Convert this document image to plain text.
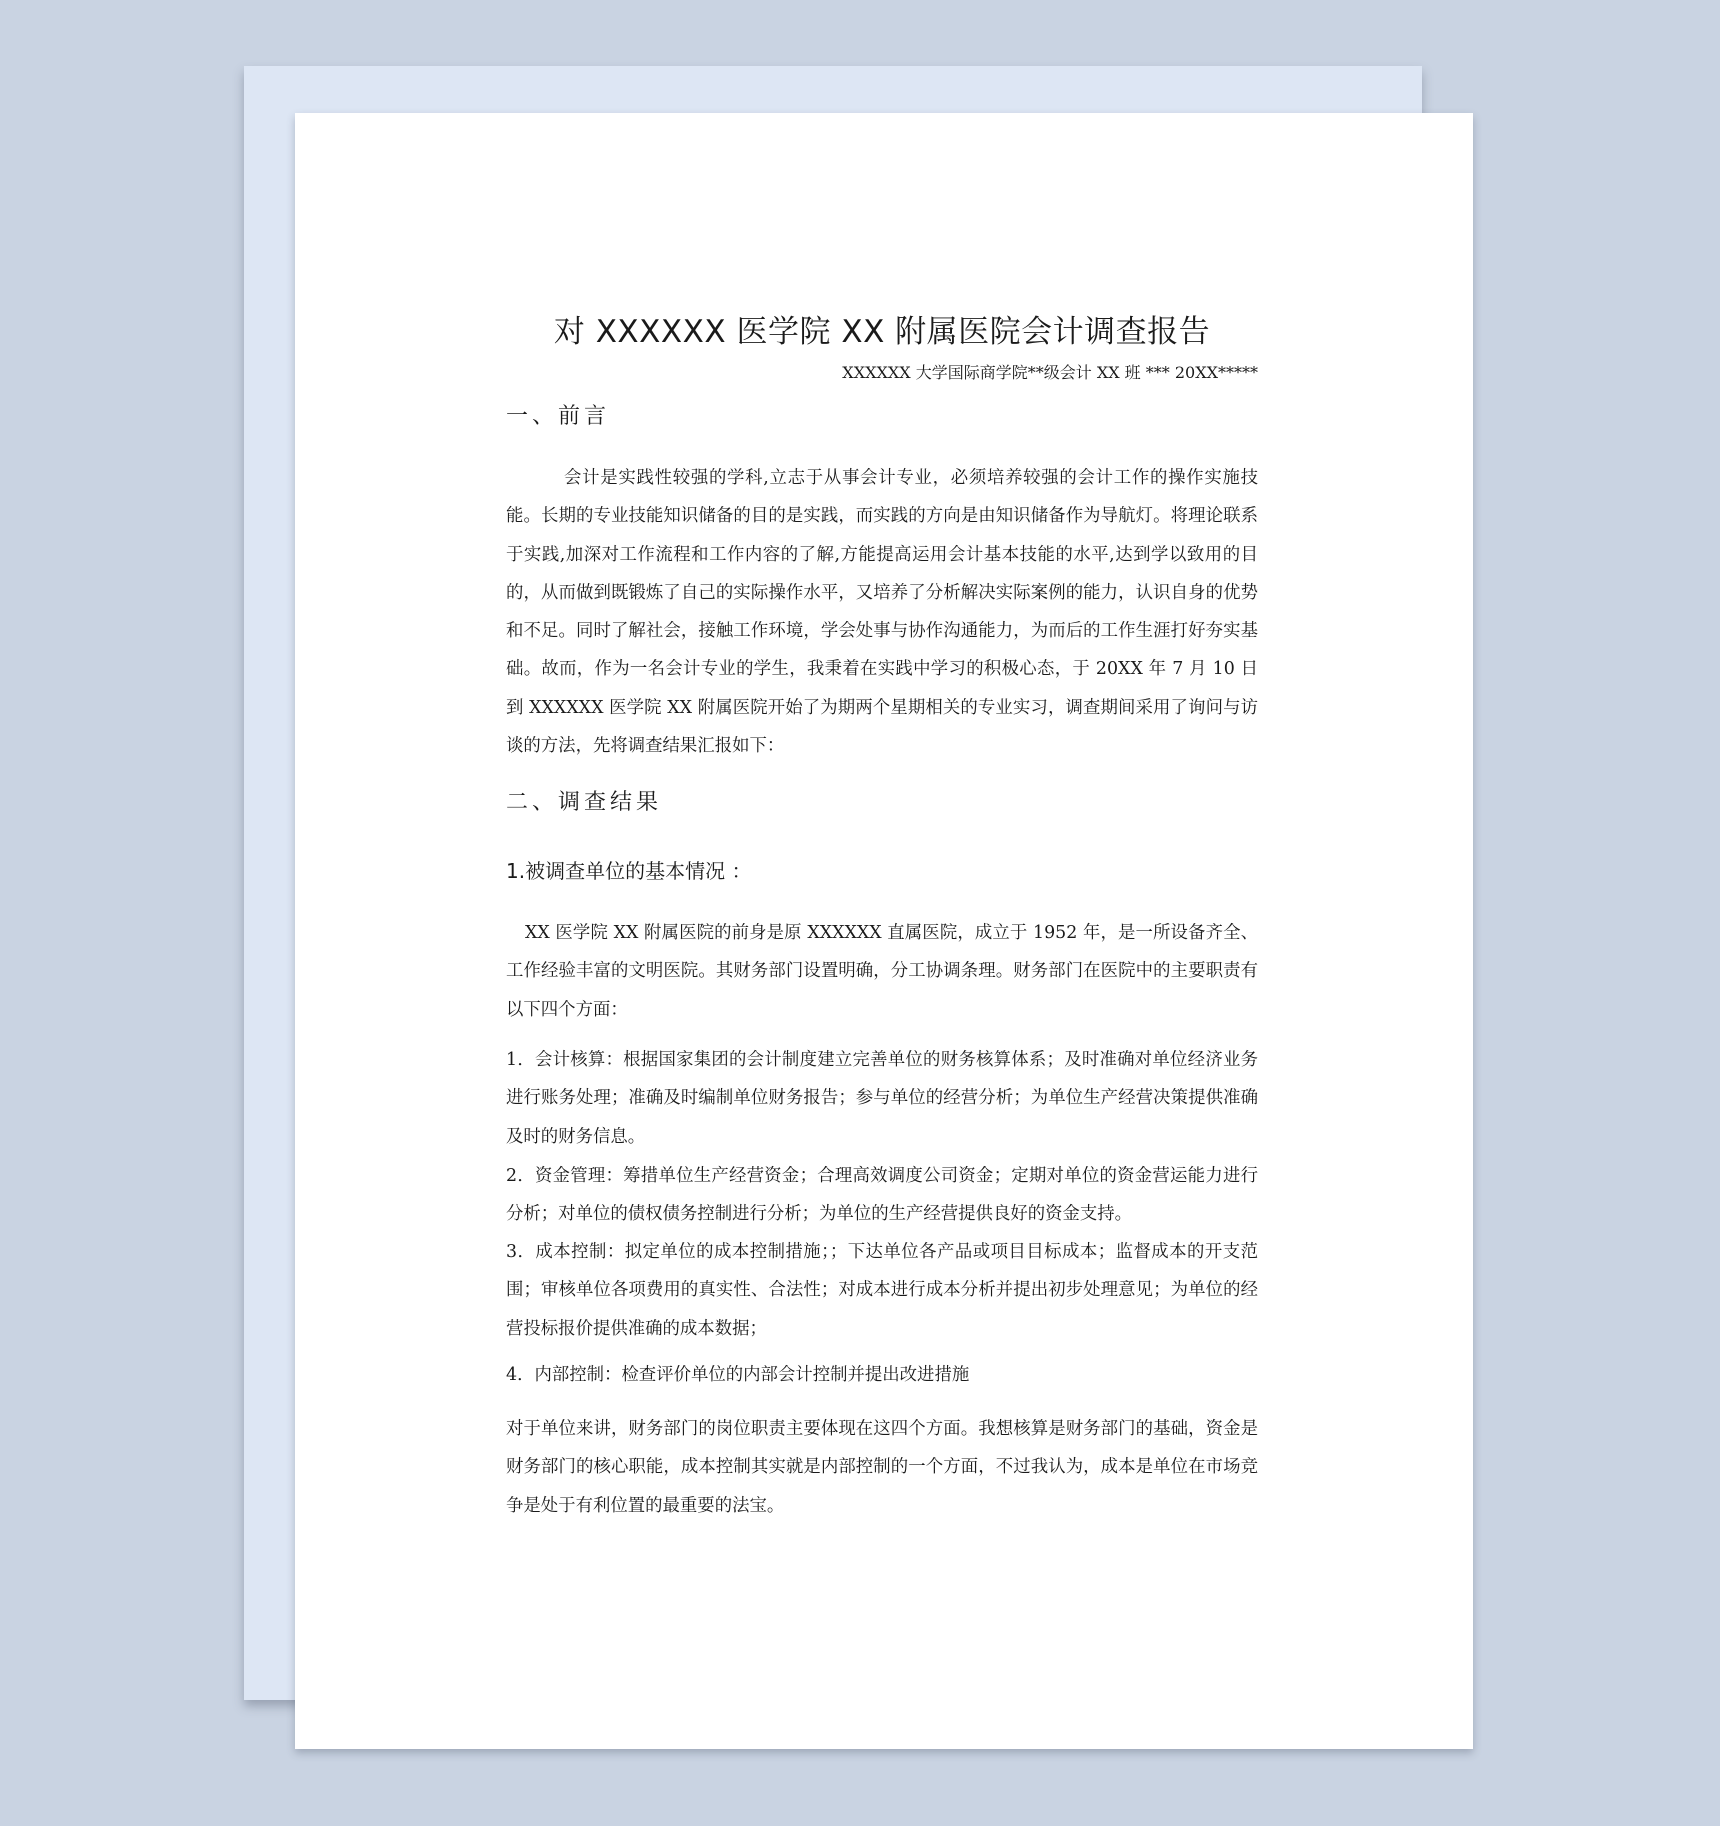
对 XXXXXX 医学院 XX 附属医院会计调查报告
XXXXXX 大学国际商学院**级会计 XX 班 *** 20XX*****
一、前言

会计是实践性较强的学科,立志于从事会计专业，必须培养较强的会计工作的操作实施技能。长期的专业技能知识储备的目的是实践，而实践的方向是由知识储备作为导航灯。将理论联系于实践,加深对工作流程和工作内容的了解,方能提高运用会计基本技能的水平,达到学以致用的目的，从而做到既锻炼了自己的实际操作水平，又培养了分析解决实际案例的能力，认识自身的优势和不足。同时了解社会，接触工作环境，学会处事与协作沟通能力，为而后的工作生涯打好夯实基础。故而，作为一名会计专业的学生，我秉着在实践中学习的积极心态，于 20XX 年 7 月 10 日到 XXXXXX 医学院 XX 附属医院开始了为期两个星期相关的专业实习，调查期间采用了询问与访谈的方法，先将调查结果汇报如下：

二、调查结果
1.被调查单位的基本情况 ：

XX 医学院 XX 附属医院的前身是原 XXXXXX 直属医院，成立于 1952 年，是一所设备齐全、工作经验丰富的文明医院。其财务部门设置明确，分工协调条理。财务部门在医院中的主要职责有以下四个方面：

1．会计核算：根据国家集团的会计制度建立完善单位的财务核算体系；及时准确对单位经济业务进行账务处理；准确及时编制单位财务报告；参与单位的经营分析；为单位生产经营决策提供准确及时的财务信息。

2．资金管理：筹措单位生产经营资金；合理高效调度公司资金；定期对单位的资金营运能力进行分析；对单位的债权债务控制进行分析；为单位的生产经营提供良好的资金支持。

3．成本控制：拟定单位的成本控制措施；；下达单位各产品或项目目标成本；监督成本的开支范围；审核单位各项费用的真实性、合法性；对成本进行成本分析并提出初步处理意见；为单位的经营投标报价提供准确的成本数据；

4．内部控制：检查评价单位的内部会计控制并提出改进措施

对于单位来讲，财务部门的岗位职责主要体现在这四个方面。我想核算是财务部门的基础，资金是财务部门的核心职能，成本控制其实就是内部控制的一个方面，不过我认为，成本是单位在市场竞争是处于有利位置的最重要的法宝。
